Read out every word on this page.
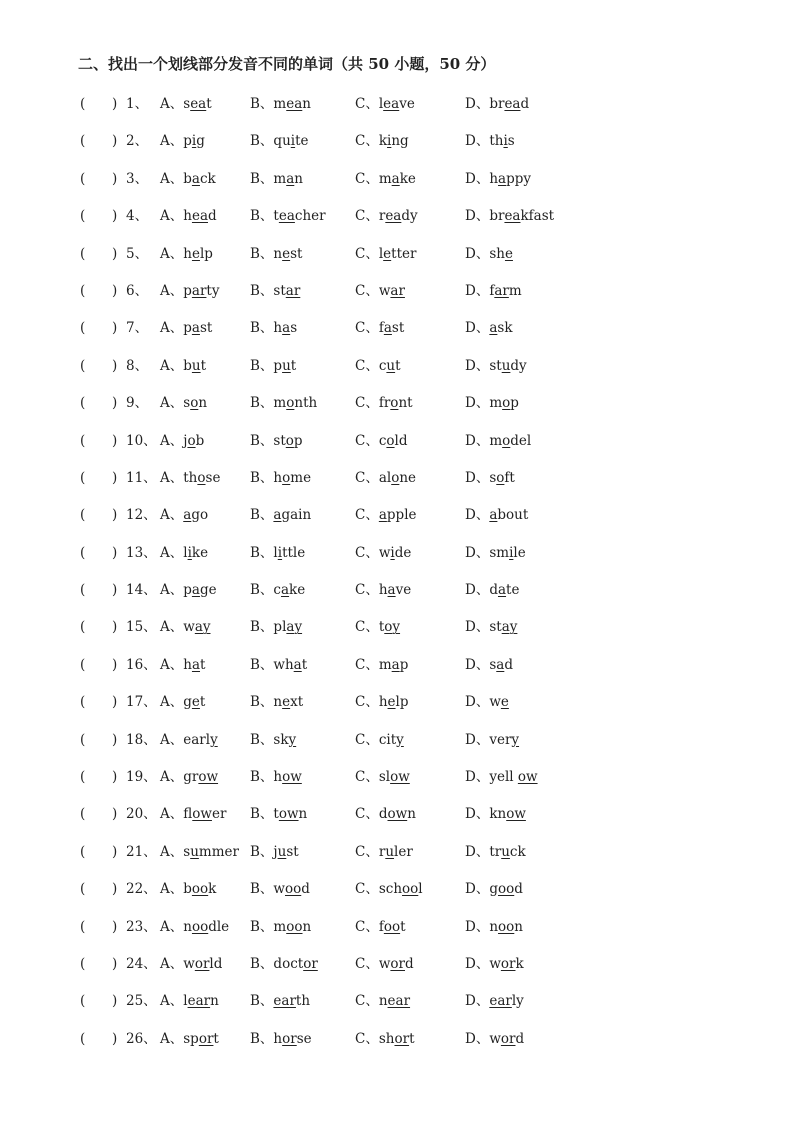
二、找出一个划线部分发音不同的单词（共 50 小题，50 分）
( ) 1、 A、seat	B、mean	C、leave	D、bread
( ) 2、 A、pig	B、quite	C、king	D、this
( ) 3、 A、back	B、man	C、make	D、happy
( ) 4、 A、head B、teacher C、ready	D、breakfast
( ) 5、 A、help	B、nest	C、letter	D、she
( ) 6、 A、party B、star	C、war	D、farm
( ) 7、 A、past	B、has	C、fast	D、ask
( ) 8、 A、but	B、put	C、cut	D、study
( ) 9、 A、son	B、month	C、front	D、mop
( ) 10、 A、job	B、stop	C、cold	D、model
( ) 11、 A、those B、home	C、alone	D、soft
( ) 12、 A、ago	B、again	C、apple	D、about
( ) 13、 A、like	B、little	C、wide	D、smile
( ) 14、 A、page B、cake	C、have	D、date
( ) 15、 A、way	B、play	C、toy	D、stay
( ) 16、 A、hat	B、what	C、map	D、sad
( ) 17、 A、get	B、next	C、help	D、we
( ) 18、 A、early B、sky	C、city	D、very
( ) 19、 A、grow B、how	C、slow	D、yell ow
( ) 20、 A、flower B、town	C、down	D、know
( ) 21、 A、summer B、just	C、ruler	D、truck
( ) 22、 A、book B、wood	C、school	D、good
( ) 23、 A、noodle B、moon	C、foot	D、noon
( ) 24、 A、world B、doctor	C、word	D、work
( ) 25、 A、learn B、earth	C、near	D、early
( ) 26、 A、sport B、horse	C、short	D、word
